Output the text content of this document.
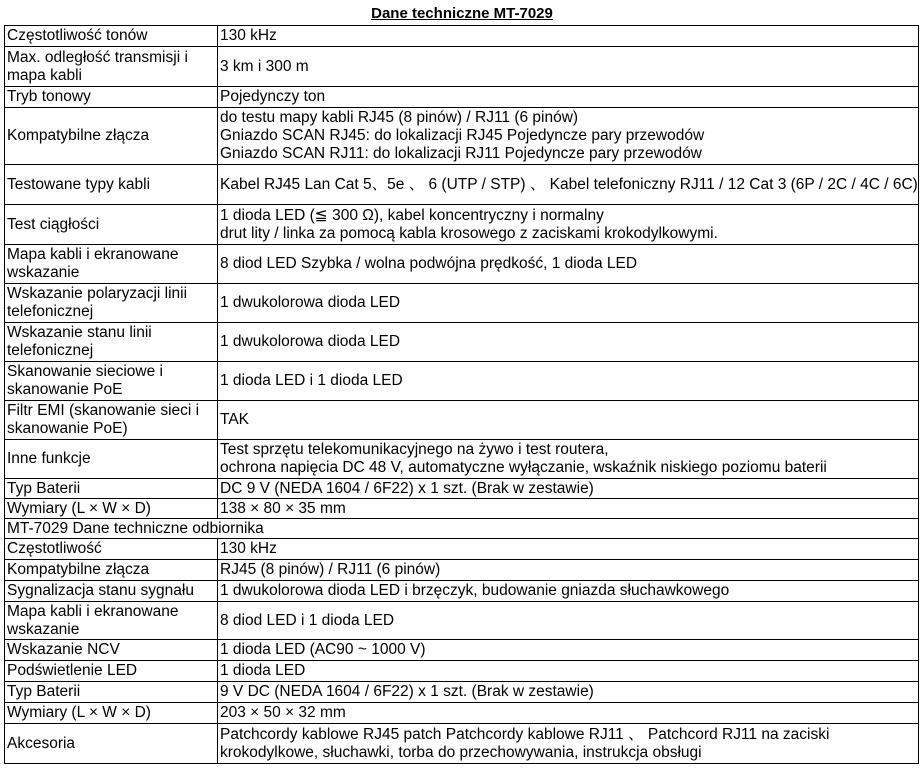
Dane techniczne MT-7029
Częstotliwość tonów	130 kHz

Max. odległość transmisji i mapa kabli	3 km i 300 m

Tryb tonowy	Pojedynczy ton

Kompatybilne złącza	do testu mapy kabli RJ45 (8 pinów) / RJ11 (6 pinów)
Gniazdo SCAN RJ45: do lokalizacji RJ45 Pojedyncze pary przewodów
Gniazdo SCAN RJ11: do lokalizacji RJ11 Pojedyncze pary przewodów

Testowane typy kabli	Kabel RJ45 Lan Cat 5、5e 、 6 (UTP / STP) 、 Kabel telefoniczny RJ11 / 12 Cat 3 (6P / 2C / 4C / 6C)

Test ciągłości	1 dioda LED (≦ 300 Ω), kabel koncentryczny i normalny
drut lity / linka za pomocą kabla krosowego z zaciskami krokodylkowymi.

Mapa kabli i ekranowane wskazanie	8 diod LED Szybka / wolna podwójna prędkość, 1 dioda LED

Wskazanie polaryzacji linii telefonicznej	1 dwukolorowa dioda LED

Wskazanie stanu linii telefonicznej	1 dwukolorowa dioda LED

Skanowanie sieciowe i skanowanie PoE	1 dioda LED i 1 dioda LED

Filtr EMI (skanowanie sieci i skanowanie PoE)	TAK

Inne funkcje	Test sprzętu telekomunikacyjnego na żywo i test routera,
ochrona napięcia DC 48 V, automatyczne wyłączanie, wskaźnik niskiego poziomu baterii

Typ Baterii	DC 9 V (NEDA 1604 / 6F22) x 1 szt. (Brak w zestawie)

Wymiary (L × W × D)	138 × 80 × 35 mm

MT-7029 Dane techniczne odbiornika	
Częstotliwość	130 kHz

Kompatybilne złącza	RJ45 (8 pinów) / RJ11 (6 pinów)

Sygnalizacja stanu sygnału	1 dwukolorowa dioda LED i brzęczyk, budowanie gniazda słuchawkowego

Mapa kabli i ekranowane wskazanie	8 diod LED i 1 dioda LED

Wskazanie NCV	1 dioda LED (AC90 ~ 1000 V)

Podświetlenie LED	1 dioda LED

Typ Baterii	9 V DC (NEDA 1604 / 6F22) x 1 szt. (Brak w zestawie)

Wymiary (L × W × D)	203 × 50 × 32 mm

Akcesoria	Patchcordy kablowe RJ45 patch Patchcordy kablowe RJ11 、 Patchcord RJ11 na zaciski krokodylkowe, słuchawki, torba do przechowywania, instrukcja obsługi
